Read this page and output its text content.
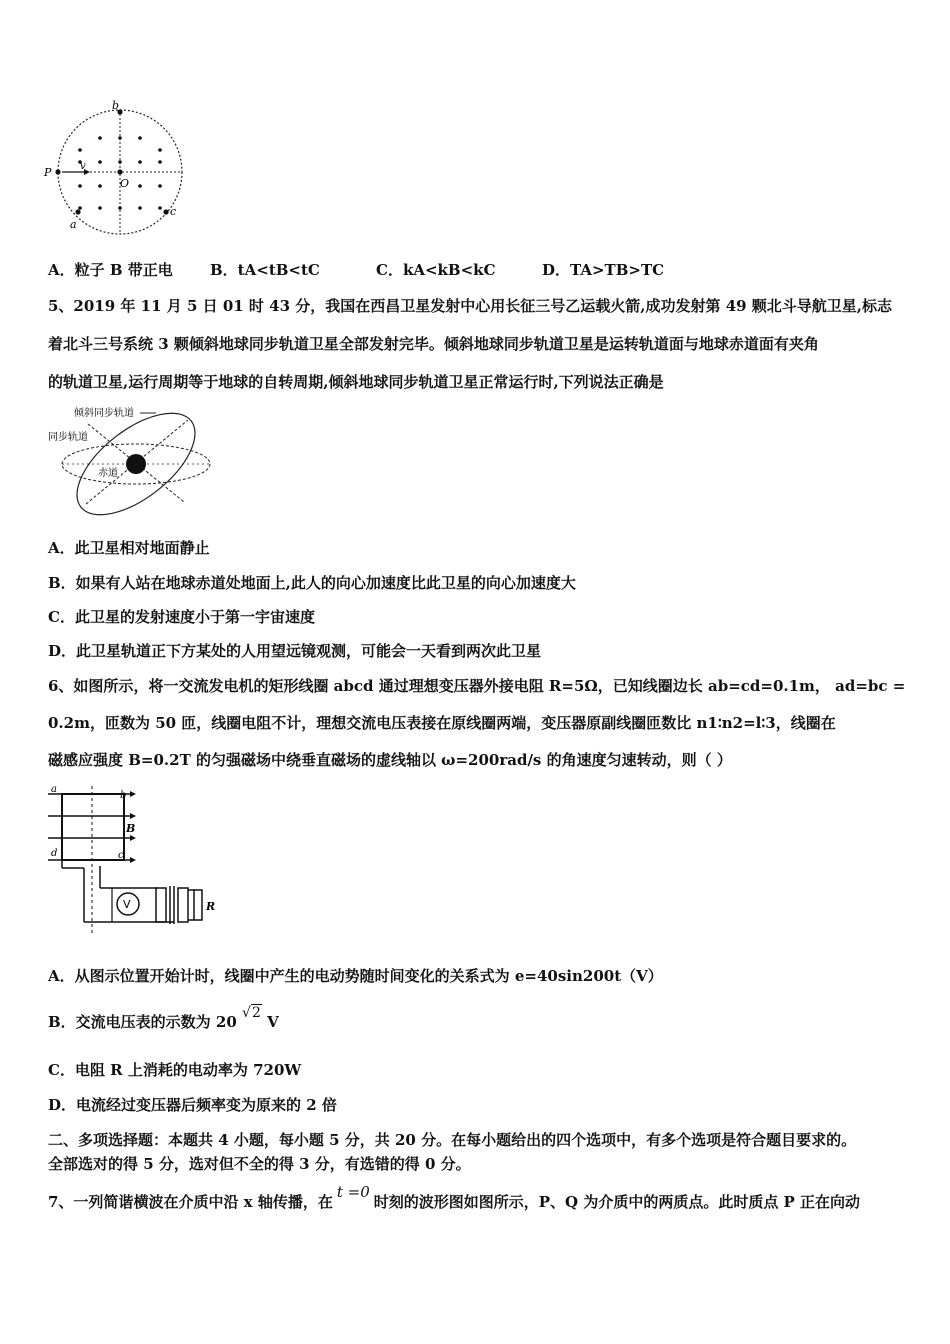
b
P	v
O
a
c
A．粒子 B 带正电 B．tA<tB<tC	C．kA<kB<kC	D．TA>TB>TC
5、2019 年 11 月 5 日 01 时 43 分，我国在西昌卫星发射中心用长征三号乙运载火箭,成功发射第 49 颗北斗导航卫星,标志
着北斗三号系统 3 颗倾斜地球同步轨道卫星全部发射完毕。倾斜地球同步轨道卫星是运转轨道面与地球赤道面有夹角
的轨道卫星,运行周期等于地球的自转周期,倾斜地球同步轨道卫星正常运行时,下列说法正确是
倾斜同步轨道
同步轨道
赤道
A．此卫星相对地面静止
B．如果有人站在地球赤道处地面上,此人的向心加速度比此卫星的向心加速度大
C．此卫星的发射速度小于第一宇宙速度
D．此卫星轨道正下方某处的人用望远镜观测，可能会一天看到两次此卫星
6、如图所示，将一交流发电机的矩形线圈 abcd 通过理想变压器外接电阻 R=5Ω，已知线圈边长 ab=cd=0.1m， ad=bc =
0.2m，匝数为 50 匝，线圈电阻不计，理想交流电压表接在原线圈两端，变压器原副线圈匝数比 n1∶n2=l∶3，线圈在
磁感应强度 B=0.2T 的匀强磁场中绕垂直磁场的虚线轴以 ω=200rad/s 的角速度匀速转动，则（ ）
V
a
b
B
c
d
R
A．从图示位置开始计时，线圈中产生的电动势随时间变化的关系式为 e=40sin200t（V）
B．交流电压表的示数为 20 √2 V
C．电阻 R 上消耗的电动率为 720W
D．电流经过变压器后频率变为原来的 2 倍
二、多项选择题：本题共 4 小题，每小题 5 分，共 20 分。在每小题给出的四个选项中，有多个选项是符合题目要求的。
全部选对的得 5 分，选对但不全的得 3 分，有选错的得 0 分。
7、一列简谐横波在介质中沿 x 轴传播，在t =0时刻的波形图如图所示，P、Q 为介质中的两质点。此时质点 P 正在向动
